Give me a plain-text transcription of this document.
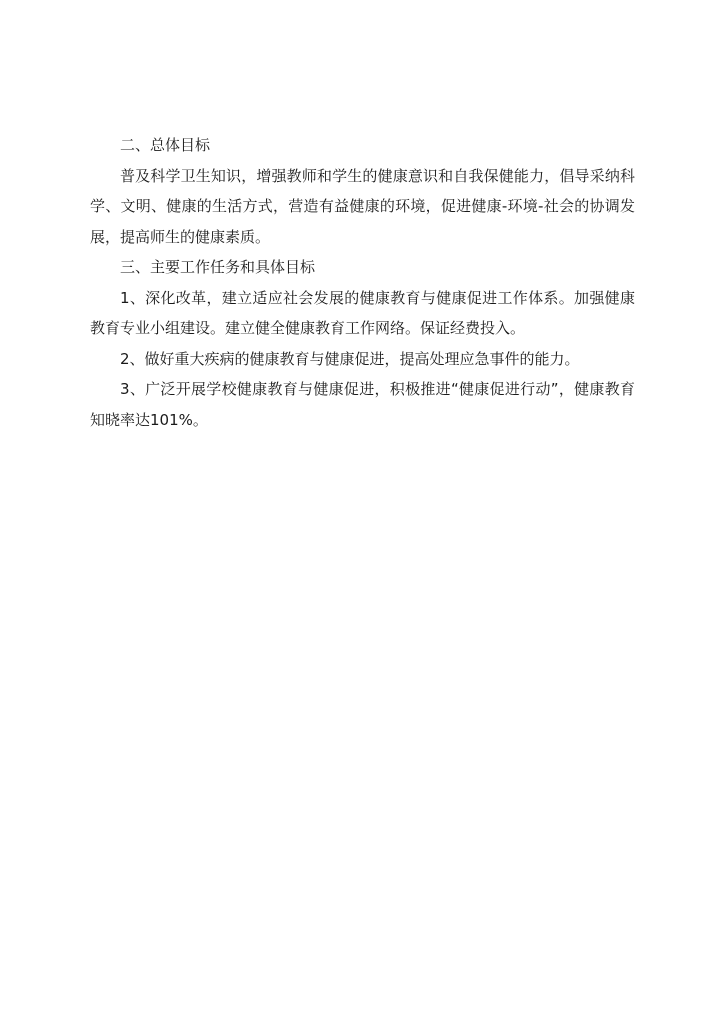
二、总体目标

普及科学卫生知识，增强教师和学生的健康意识和自我保健能力，倡导采纳科学、文明、健康的生活方式，营造有益健康的环境，促进健康-环境-社会的协调发展，提高师生的健康素质。

三、主要工作任务和具体目标

1、深化改革，建立适应社会发展的健康教育与健康促进工作体系。加强健康教育专业小组建设。建立健全健康教育工作网络。保证经费投入。

2、做好重大疾病的健康教育与健康促进，提高处理应急事件的能力。

3、广泛开展学校健康教育与健康促进，积极推进“健康促进行动”，健康教育知晓率达101%。
